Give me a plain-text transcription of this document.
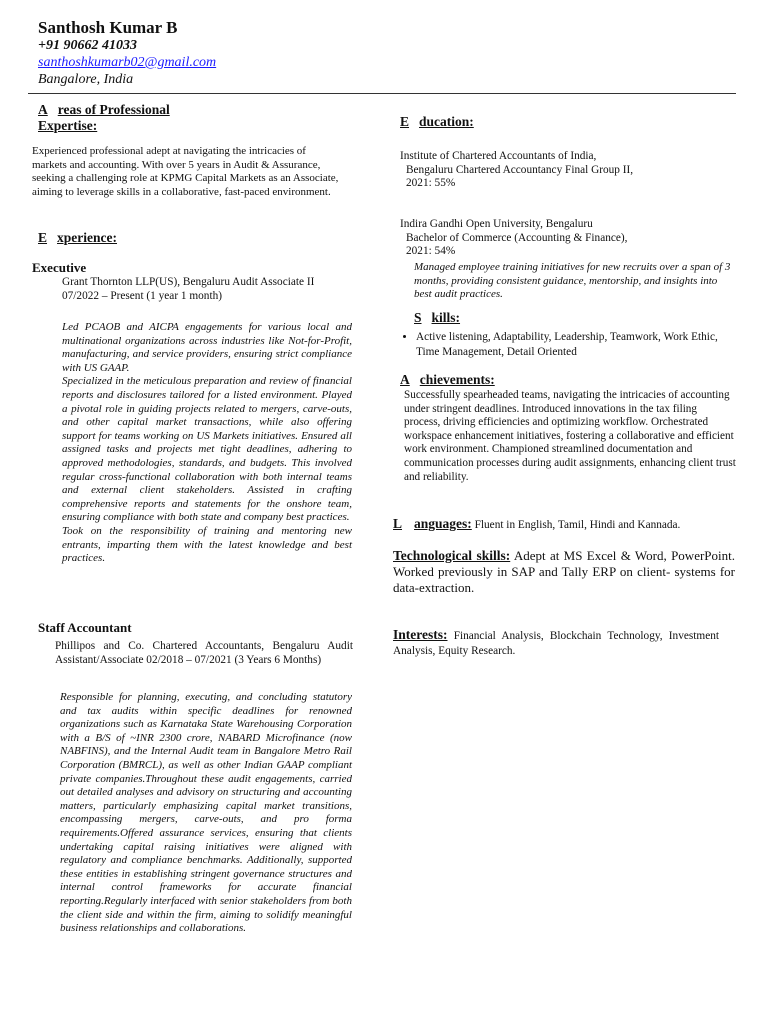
Santhosh Kumar B
+91 90662 41033
santhoshkumarb02@gmail.com
Bangalore, India
A reas of Professional
Expertise:
Experienced professional adept at navigating the intricacies of markets and accounting. With over 5 years in Audit & Assurance, seeking a challenging role at KPMG Capital Markets as an Associate, aiming to leverage skills in a collaborative, fast-paced environment.
E xperience:
Executive
Grant Thornton LLP(US), Bengaluru Audit Associate II 07/2022 – Present (1 year 1 month)
Led PCAOB and AICPA engagements for various local and multinational organizations across industries like Not-for-Profit, manufacturing, and service providers, ensuring strict compliance with US GAAP.
Specialized in the meticulous preparation and review of financial reports and disclosures tailored for a listed environment. Played a pivotal role in guiding projects related to mergers, carve-outs, and other capital market transactions, while also offering support for teams working on US Markets initiatives. Ensured all assigned tasks and projects met tight deadlines, adhering to approved methodologies, standards, and budgets. This involved regular cross-functional collaboration with both internal teams and external client stakeholders. Assisted in crafting comprehensive reports and statements for the onshore team, ensuring compliance with both state and company best practices.
Took on the responsibility of training and mentoring new entrants, imparting them with the latest knowledge and best practices.
Staff Accountant
Phillipos and Co. Chartered Accountants, Bengaluru Audit Assistant/Associate 02/2018 – 07/2021 (3 Years 6 Months)
Responsible for planning, executing, and concluding statutory and tax audits within specific deadlines for renowned organizations such as Karnataka State Warehousing Corporation with a B/S of ~INR 2300 crore, NABARD Microfinance (now NABFINS), and the Internal Audit team in Bangalore Metro Rail Corporation (BMRCL), as well as other Indian GAAP compliant private companies.Throughout these audit engagements, carried out detailed analyses and advisory on structuring and accounting matters, particularly emphasizing capital market transitions, encompassing mergers, carve-outs, and pro forma requirements.Offered assurance services, ensuring that clients undertaking capital raising initiatives were aligned with regulatory and compliance benchmarks. Additionally, supported these entities in establishing stringent governance structures and internal control frameworks for accurate financial reporting.Regularly interfaced with senior stakeholders from both the client side and within the firm, aiming to solidify meaningful business relationships and collaborations.
E ducation:
Institute of Chartered Accountants of India,
Bengaluru Chartered Accountancy Final Group II, 2021: 55%
Indira Gandhi Open University, Bengaluru
Bachelor of Commerce (Accounting & Finance), 2021: 54%
Managed employee training initiatives for new recruits over a span of 3 months, providing consistent guidance, mentorship, and insights into best audit practices.
S kills:
• Active listening, Adaptability, Leadership, Teamwork, Work Ethic, Time Management, Detail Oriented
A chievements:
Successfully spearheaded teams, navigating the intricacies of accounting under stringent deadlines. Introduced innovations in the tax filing process, driving efficiencies and optimizing workflow. Orchestrated workspace enhancement initiatives, fostering a collaborative and efficient work environment. Championed streamlined documentation and communication processes during audit assignments, enhancing client trust and reliability.
L anguages: Fluent in English, Tamil, Hindi and Kannada.
Technological skills: Adept at MS Excel & Word, PowerPoint. Worked previously in SAP and Tally ERP on client- systems for data-extraction.
Interests: Financial Analysis, Blockchain Technology, Investment Analysis, Equity Research.
